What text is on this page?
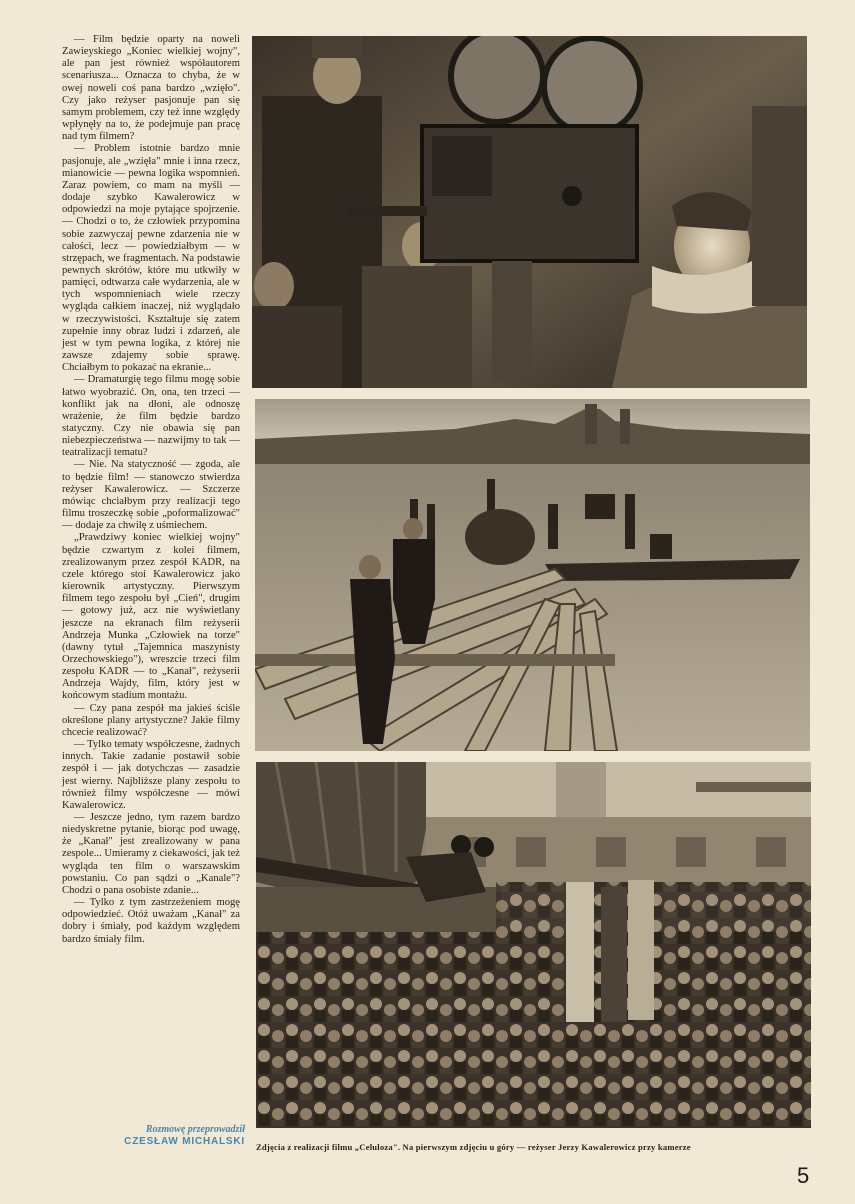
— Film będzie oparty na noweli Zawieyskiego „Koniec wielkiej wojny", ale pan jest również współautorem scenariusza... Oznacza to chyba, że w owej noweli coś pana bardzo „wzięło". Czy jako reżyser pasjonuje pan się samym problemem, czy też inne względy wpłynęły na to, że podejmuje pan pracę nad tym filmem?

— Problem istotnie bardzo mnie pasjonuje, ale „wzięła" mnie i inna rzecz, mianowicie — pewna logika wspomnień. Zaraz powiem, co mam na myśli — dodaje szybko Kawalerowicz w odpowiedzi na moje pytające spojrzenie. — Chodzi o to, że człowiek przypomina sobie zazwyczaj pewne zdarzenia nie w całości, lecz — powiedziałbym — w strzępach, we fragmentach. Na podstawie pewnych skrótów, które mu utkwiły w pamięci, odtwarza całe wydarzenia, ale w tych wspomnieniach wiele rzeczy wygląda całkiem inaczej, niż wyglądało w rzeczywistości. Kształtuje się zatem zupełnie inny obraz ludzi i zdarzeń, ale jest w tym pewna logika, z której nie zawsze zdajemy sobie sprawę. Chciałbym to pokazać na ekranie...

— Dramaturgię tego filmu mogę sobie łatwo wyobrazić. On, ona, ten trzeci — konflikt jak na dłoni, ale odnoszę wrażenie, że film będzie bardzo statyczny. Czy nie obawia się pan niebezpieczeństwa — nazwijmy to tak — teatralizacji tematu?

— Nie. Na statyczność — zgoda, ale to będzie film! — stanowczo stwierdza reżyser Kawalerowicz. — Szczerze mówiąc chciałbym przy realizacji tego filmu troszeczkę sobie „poformalizować" — dodaje za chwilę z uśmiechem.

„Prawdziwy koniec wielkiej wojny" będzie czwartym z kolei filmem, zrealizowanym przez zespół KADR, na czele którego stoi Kawalerowicz jako kierownik artystyczny. Pierwszym filmem tego zespołu był „Cień", drugim — gotowy już, acz nie wyświetlany jeszcze na ekranach film reżyserii Andrzeja Munka „Człowiek na torze" (dawny tytuł „Tajemnica maszynisty Orzechowskiego"), wreszcie trzeci film zespołu KADR — to „Kanał", reżyserii Andrzeja Wajdy, film, który jest w końcowym stadium montażu.

— Czy pana zespół ma jakieś ściśle określone plany artystyczne? Jakie filmy chcecie realizować?

— Tylko tematy współczesne, żadnych innych. Takie zadanie postawił sobie zespół i — jak dotychczas — zasadzie jest wierny. Najbliższe plany zespołu to również filmy współczesne — mówi Kawalerowicz.

— Jeszcze jedno, tym razem bardzo niedyskretne pytanie, biorąc pod uwagę, że „Kanał" jest zrealizowany w pana zespole... Umieramy z ciekawości, jak też wygląda ten film o warszawskim powstaniu. Co pan sądzi o „Kanale"? Chodzi o pana osobiste zdanie...

— Tylko z tym zastrzeżeniem mogę odpowiedzieć. Otóż uważam „Kanał" za dobry i śmiały, pod każdym względem bardzo śmiały film.

Rozmowę przeprowadził
CZESŁAW MICHALSKI Zdjęcia z realizacji filmu „Celuloza". Na pierwszym zdjęciu u góry — reżyser Jerzy Kawalerowicz przy kamerze
5
